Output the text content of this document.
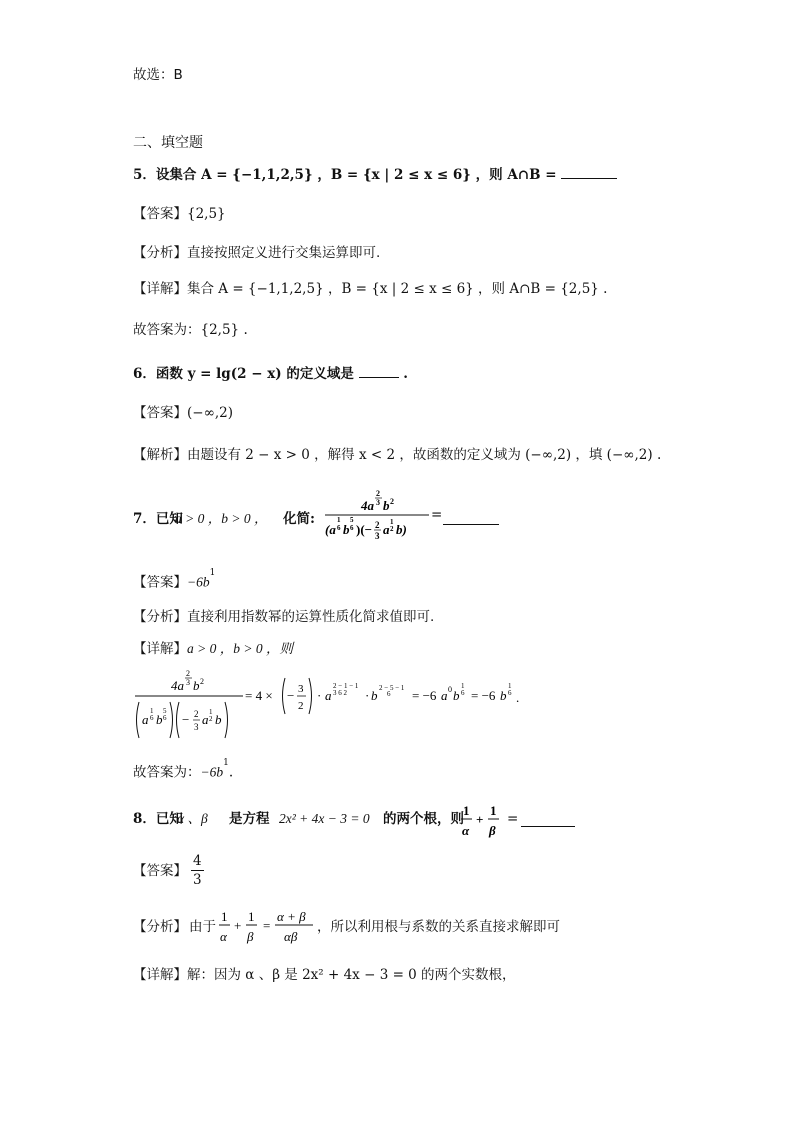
故选：B
二、填空题
5．设集合 A = {−1,1,2,5} ，B = {x | 2 ≤ x ≤ 6} ，则 A∩B =
【答案】{2,5}
【分析】直接按照定义进行交集运算即可.
【详解】集合 A = {−1,1,2,5} ，B = {x | 2 ≤ x ≤ 6} ，则 A∩B = {2,5} .
故答案为：{2,5} .
6．函数 y = lg(2 − x) 的定义域是	.
【答案】(−∞,2)
【解析】由题设有 2 − x > 0 ，解得 x < 2 ，故函数的定义域为 (−∞,2) ，填 (−∞,2) .
7．已知
a > 0 ，b > 0 ， 化简:
4a
2
3 b 2
(a
1
6 b
5
6 )(− 2
3 a 1
2 b)
=
【答案】$-6b^1$
【分析】直接利用指数幂的运算性质化简求值即可.
【详解】a > 0 ，b > 0 ，则
4a
2
3 b 2
a
1
6 b
5
6 − 2
3 a 1
2 b
= 4 × − 3
2
· a
2 − 1 − 1
3 6 2 · b 2 − 5 − 1
6 = −6 a 0 b
1
6 = −6 b
1
6 .
故答案为：$-6b^1$.
8．已知
α 、β 是方程 2x² + 4x − 3 = 0 的两个根，则
1
α
+
1
β
=
【答案】 $\frac{4}{3}$
【分析】 由于
1
α
+
1
β
=
α + β
αβ
，所以利用根与系数的关系直接求解即可
【详解】解：因为 α 、β 是 2x² + 4x − 3 = 0 的两个实数根，
